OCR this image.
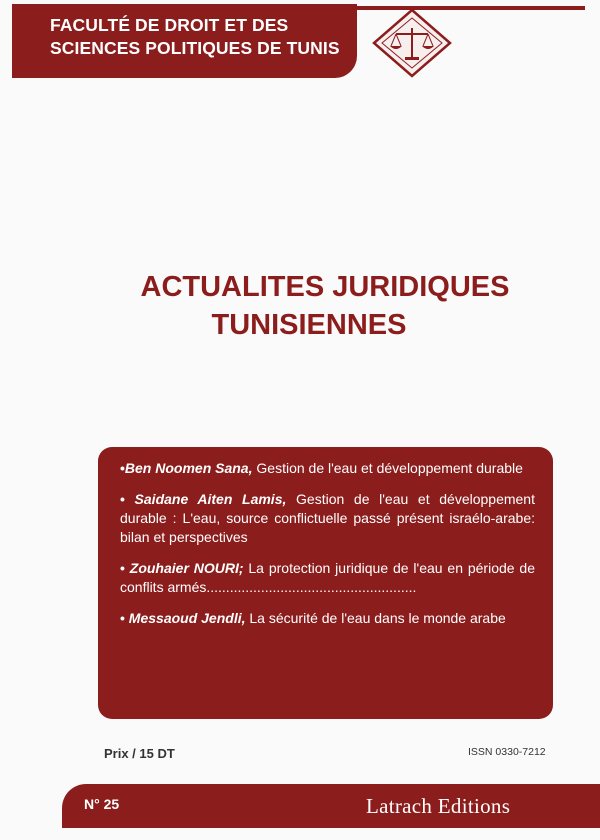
FACULTÉ DE DROIT ET DES
SCIENCES POLITIQUES DE TUNIS
ACTUALITES JURIDIQUES
TUNISIENNES
•Ben Noomen Sana, Gestion de l'eau et développement durable
• Saidane Aiten Lamis, Gestion de l'eau et développement durable : L'eau, source conflictuelle passé présent israélo-arabe: bilan et perspectives
• Zouhaier NOURI; La protection juridique de l'eau en période de conflits armés......................................................
• Messaoud Jendli, La sécurité de l'eau dans le monde arabe
Prix / 15 DT	ISSN 0330-7212
N° 25	Latrach Editions
